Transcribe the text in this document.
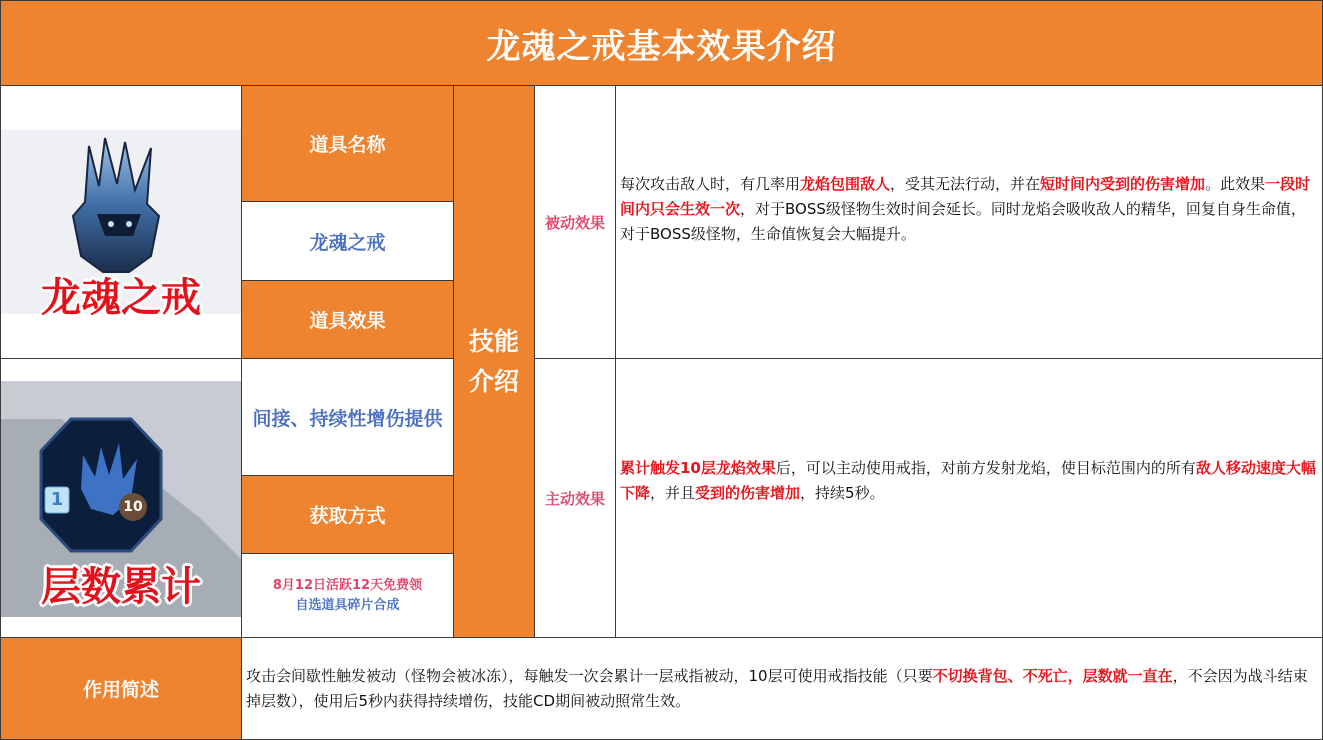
龙魂之戒基本效果介绍
龙魂之戒
1	10
层数累计
道具名称
龙魂之戒
道具效果
间接、持续性增伤提供
获取方式
8月12日活跃12天免费领
自选道具碎片合成
技能
介绍
被动效果
主动效果
每次攻击敌人时，有几率用龙焰包围敌人，受其无法行动，并在短时间内受到的伤害增加。此效果一段时间内只会生效一次，对于BOSS级怪物生效时间会延长。同时龙焰会吸收敌人的精华，回复自身生命值，对于BOSS级怪物，生命值恢复会大幅提升。
累计触发10层龙焰效果后，可以主动使用戒指，对前方发射龙焰，使目标范围内的所有敌人移动速度大幅下降，并且受到的伤害增加，持续5秒。
作用简述
攻击会间歇性触发被动（怪物会被冰冻），每触发一次会累计一层戒指被动，10层可使用戒指技能（只要不切换背包、不死亡，层数就一直在，不会因为战斗结束掉层数），使用后5秒内获得持续增伤，技能CD期间被动照常生效。
